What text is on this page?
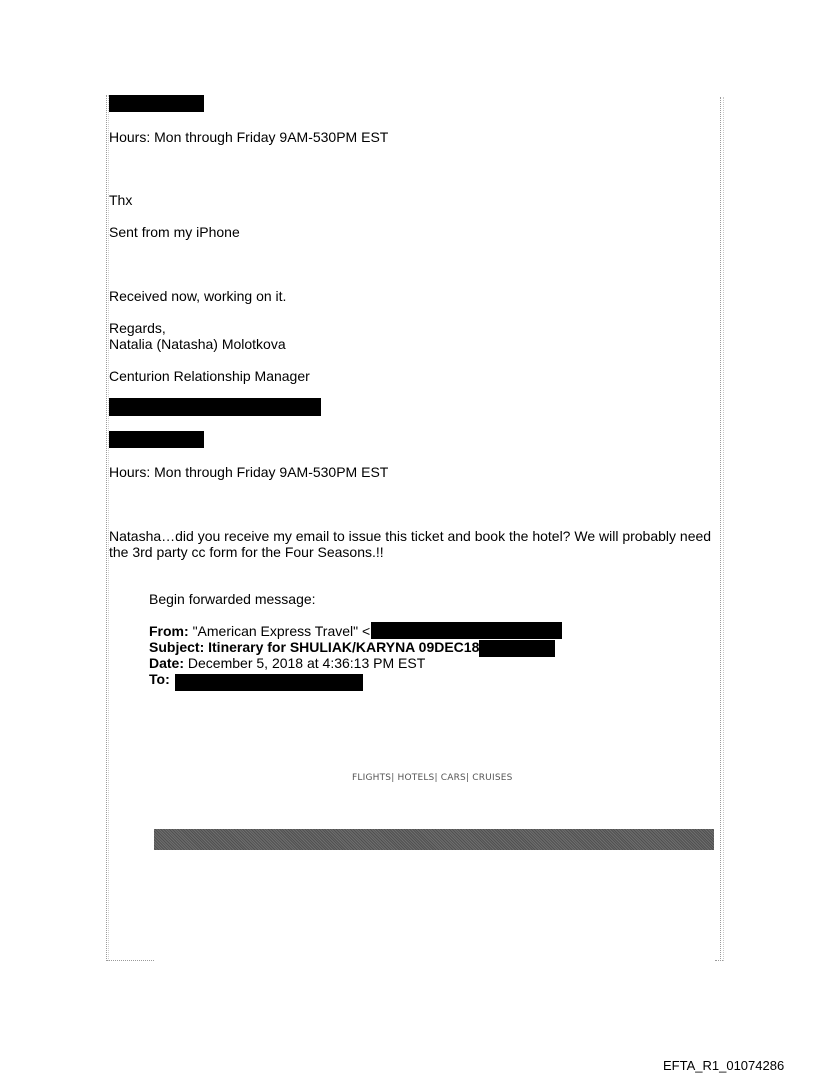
Hours: Mon through Friday 9AM-530PM EST
Thx
Sent from my iPhone
Received now, working on it.
Regards,
Natalia (Natasha) Molotkova
Centurion Relationship Manager
Hours: Mon through Friday 9AM-530PM EST
Natasha…did you receive my email to issue this ticket and book the hotel? We will probably need the 3rd party cc form for the Four Seasons.!!
Begin forwarded message:
From: "American Express Travel" <
Subject: Itinerary for SHULIAK/KARYNA 09DEC18
Date: December 5, 2018 at 4:36:13 PM EST
To:
FLIGHTS| HOTELS| CARS| CRUISES
EFTA_R1_01074286
